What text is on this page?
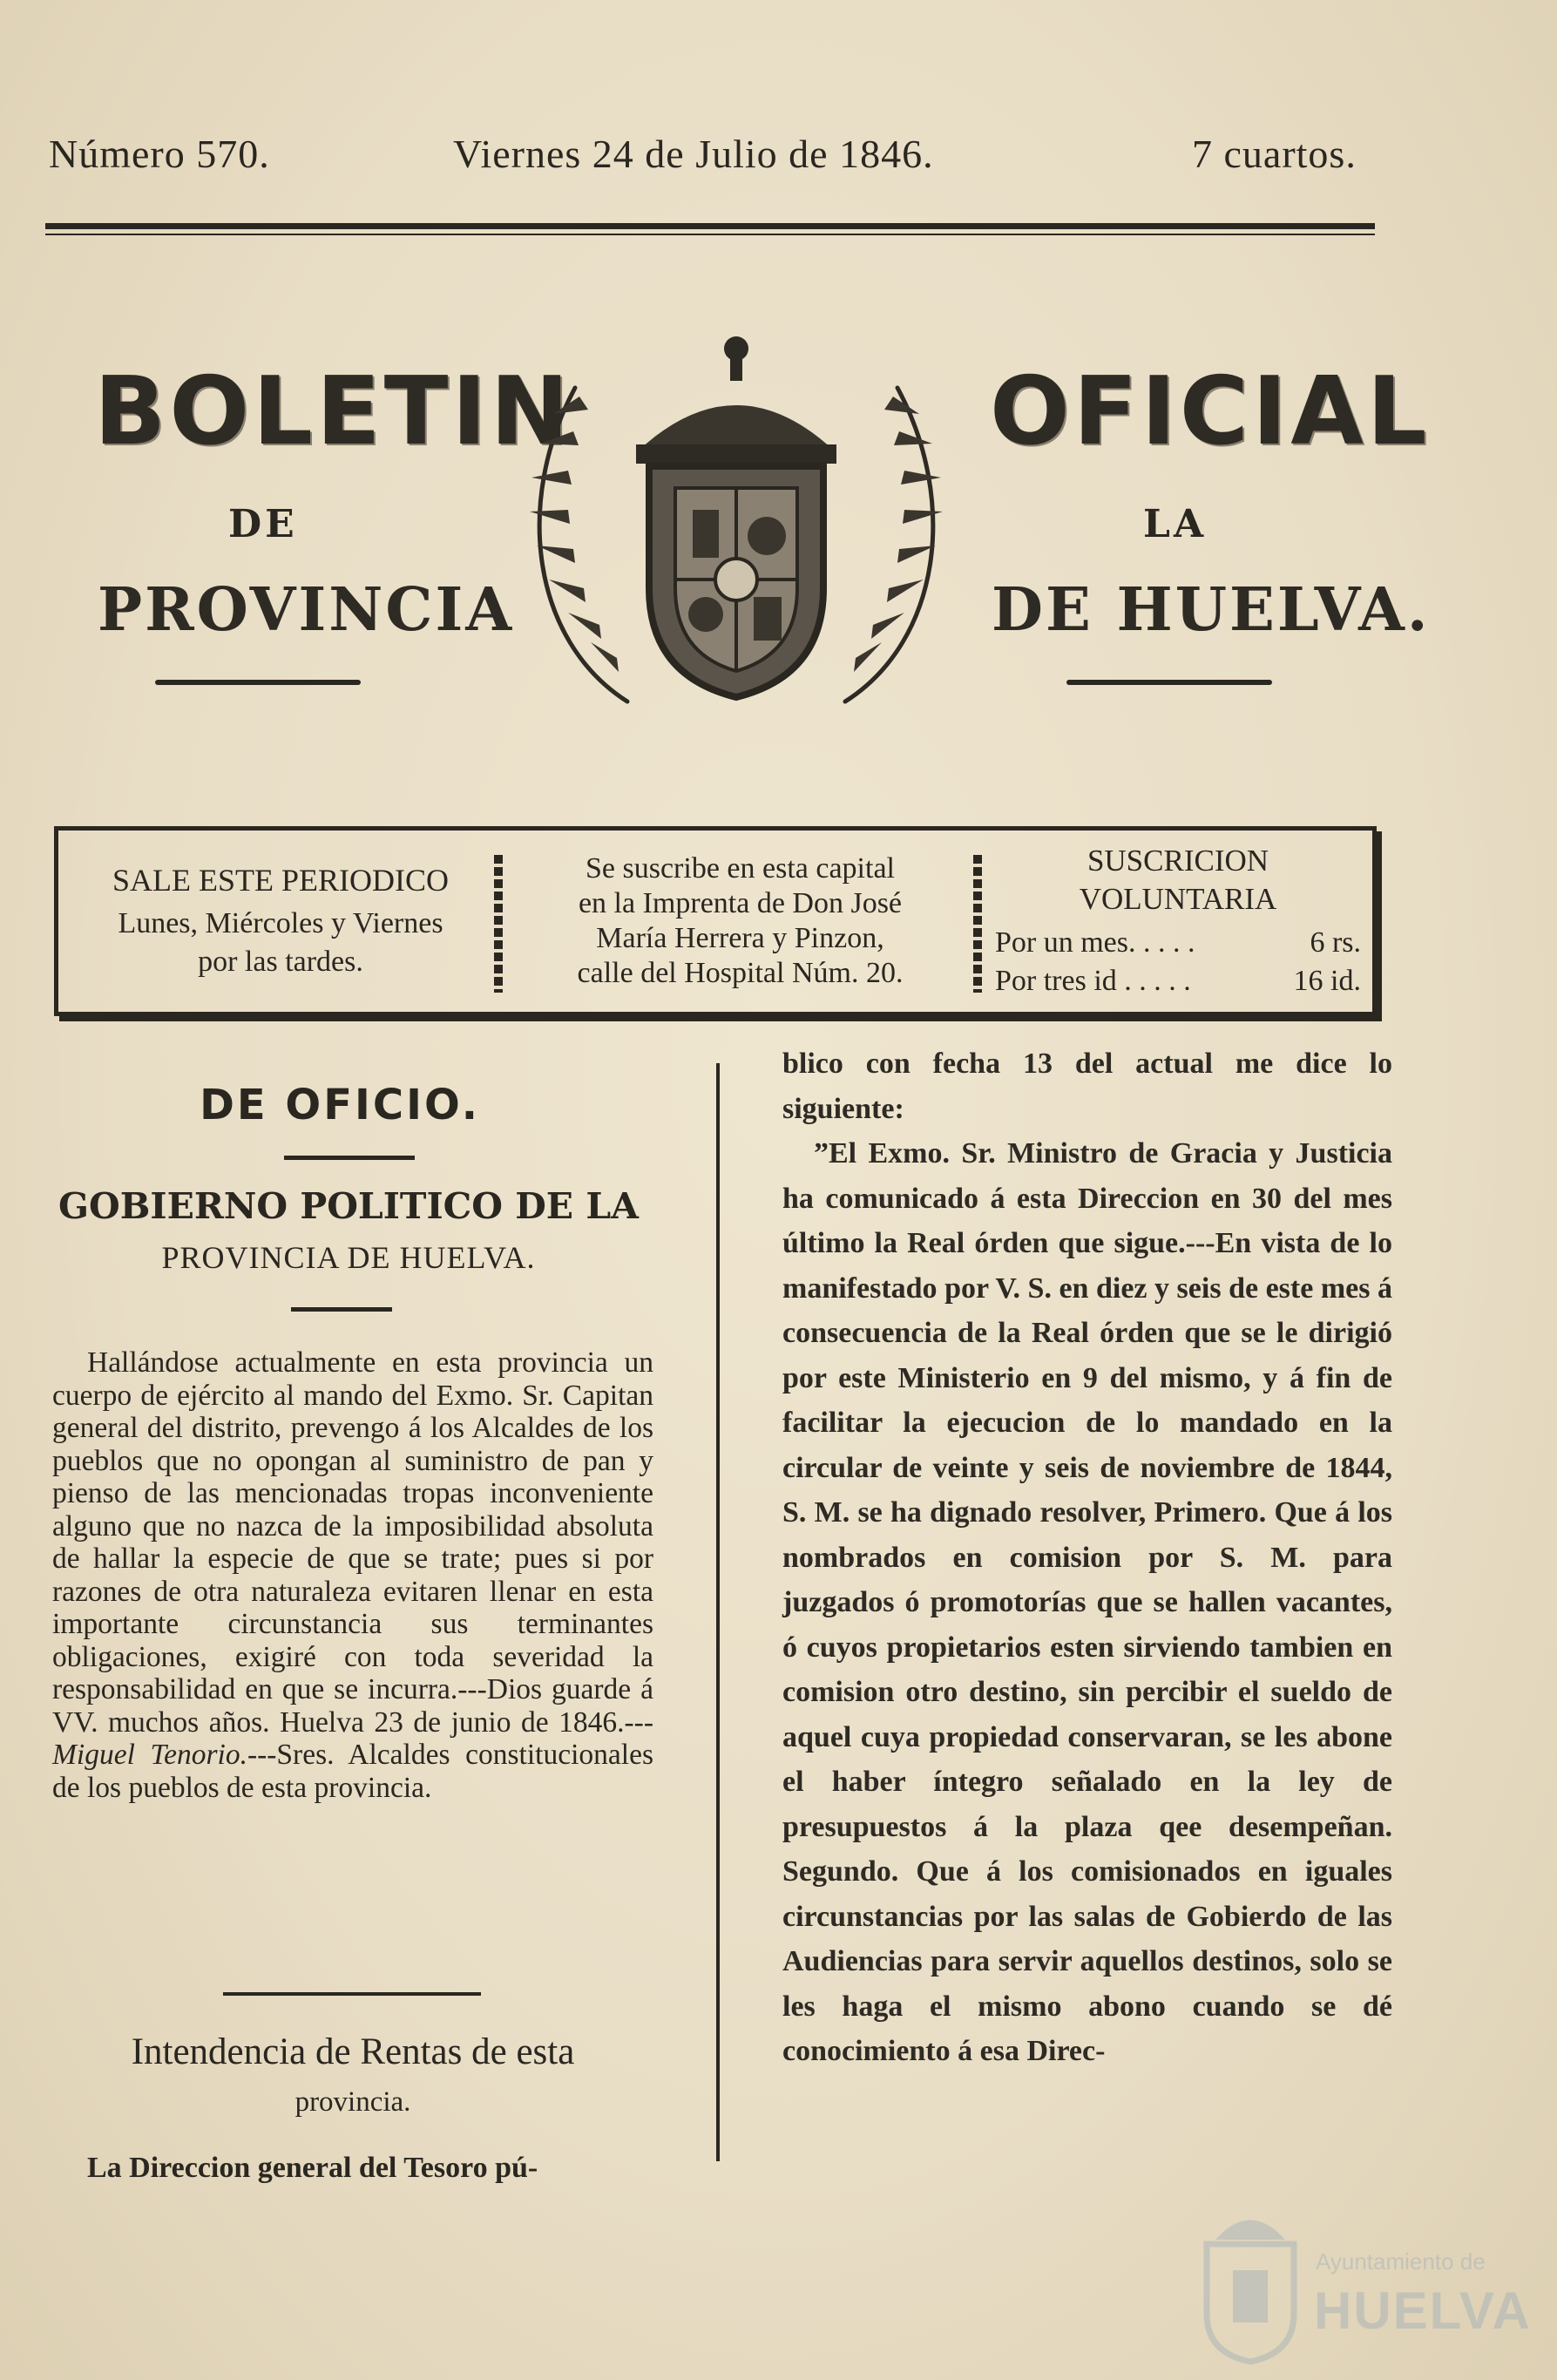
Número 570.	Viernes 24 de Julio de 1846.	7 cuartos.
BOLETIN	OFICIAL
DE	LA
PROVINCIA	DE HUELVA.
SALE ESTE PERIODICO
Lunes, Miércoles y Viernes
por las tardes.
Se suscribe en esta capital
en la Imprenta de Don José
María Herrera y Pinzon,
calle del Hospital Núm. 20.
SUSCRICION VOLUNTARIA
Por un mes. . . . .	6 rs.
Por tres id . . . . .	16 id.
DE OFICIO.
GOBIERNO POLITICO DE LA
PROVINCIA DE HUELVA.
Hallándose actualmente en esta provincia un cuerpo de ejército al mando del Exmo. Sr. Capitan general del distrito, prevengo á los Alcaldes de los pueblos que no opongan al suministro de pan y pienso de las mencionadas tropas inconveniente alguno que no nazca de la imposibilidad absoluta de hallar la especie de que se trate; pues si por razones de otra naturaleza evitaren llenar en esta importante circunstancia sus terminantes obligaciones, exigiré con toda severidad la responsabilidad en que se incurra.---Dios guarde á VV. muchos años. Huelva 23 de junio de 1846.---Miguel Tenorio.---Sres. Alcaldes constitucionales de los pueblos de esta provincia.
Intendencia de Rentas de esta
provincia.
La Direccion general del Tesoro pú-
blico con fecha 13 del actual me dice lo siguiente:
”El Exmo. Sr. Ministro de Gracia y Justicia ha comunicado á esta Direccion en 30 del mes último la Real órden que sigue.---En vista de lo manifestado por V. S. en diez y seis de este mes á consecuencia de la Real órden que se le dirigió por este Ministerio en 9 del mismo, y á fin de facilitar la ejecucion de lo mandado en la circular de veinte y seis de noviembre de 1844, S. M. se ha dignado resolver, Primero. Que á los nombrados en comision por S. M. para juzgados ó promotorías que se hallen vacantes, ó cuyos propietarios esten sirviendo tambien en comision otro destino, sin percibir el sueldo de aquel cuya propiedad conservaran, se les abone el haber íntegro señalado en la ley de presupuestos á la plaza qee desempeñan. Segundo. Que á los comisionados en iguales circunstancias por las salas de Gobierdo de las Audiencias para servir aquellos destinos, solo se les haga el mismo abono cuando se dé conocimiento á esa Direc-
Ayuntamiento de
HUELVA
